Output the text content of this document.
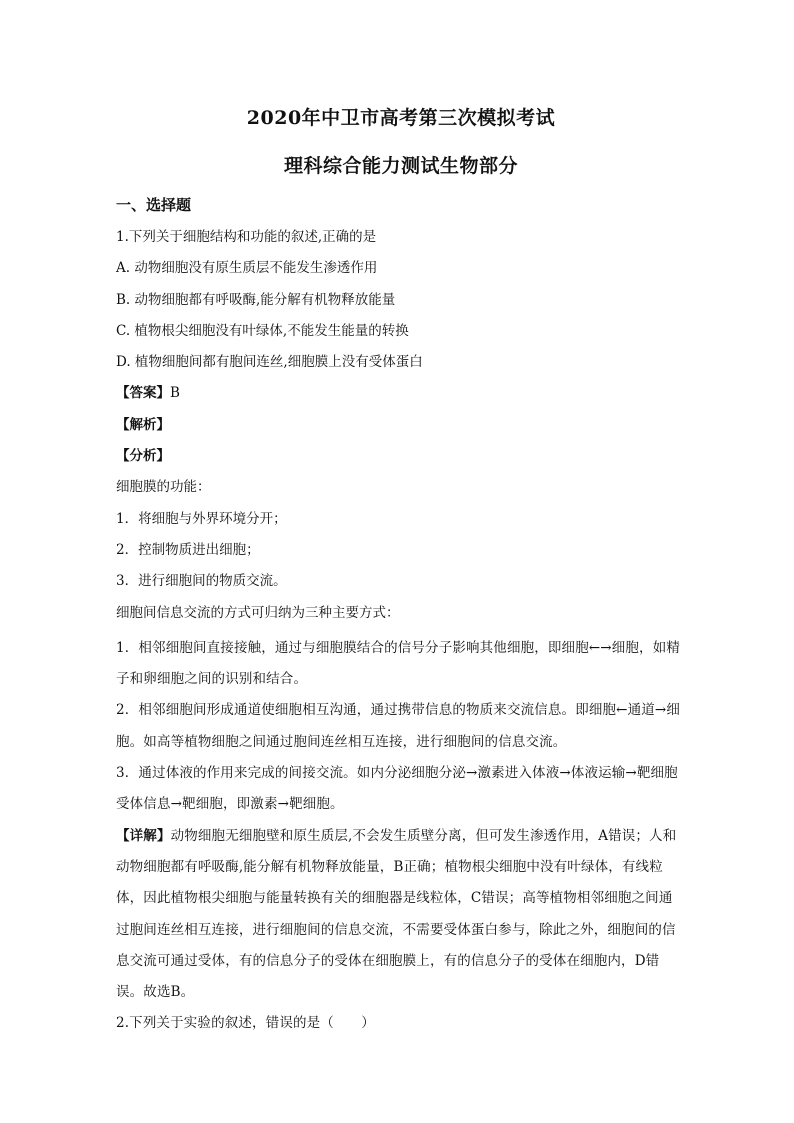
2020年中卫市高考第三次模拟考试
理科综合能力测试生物部分
一、选择题
1.下列关于细胞结构和功能的叙述,正确的是
A. 动物细胞没有原生质层不能发生渗透作用
B. 动物细胞都有呼吸酶,能分解有机物释放能量
C. 植物根尖细胞没有叶绿体,不能发生能量的转换
D. 植物细胞间都有胞间连丝,细胞膜上没有受体蛋白
【答案】B
【解析】
【分析】
细胞膜的功能：
1．将细胞与外界环境分开；
2．控制物质进出细胞；
3．进行细胞间的物质交流。
细胞间信息交流的方式可归纳为三种主要方式：

1．相邻细胞间直接接触，通过与细胞膜结合的信号分子影响其他细胞，即细胞←→细胞，如精子和卵细胞之间的识别和结合。

2．相邻细胞间形成通道使细胞相互沟通，通过携带信息的物质来交流信息。即细胞←通道→细胞。如高等植物细胞之间通过胞间连丝相互连接，进行细胞间的信息交流。

3．通过体液的作用来完成的间接交流。如内分泌细胞分泌→激素进入体液→体液运输→靶细胞受体信息→靶细胞，即激素→靶细胞。

【详解】动物细胞无细胞壁和原生质层,不会发生质壁分离，但可发生渗透作用，A错误；人和动物细胞都有呼吸酶,能分解有机物释放能量，B正确；植物根尖细胞中没有叶绿体，有线粒体，因此植物根尖细胞与能量转换有关的细胞器是线粒体，C错误；高等植物相邻细胞之间通过胞间连丝相互连接，进行细胞间的信息交流，不需要受体蛋白参与，除此之外，细胞间的信息交流可通过受体，有的信息分子的受体在细胞膜上，有的信息分子的受体在细胞内，D错误。故选B。

2.下列关于实验的叙述，错误的是（　　）
